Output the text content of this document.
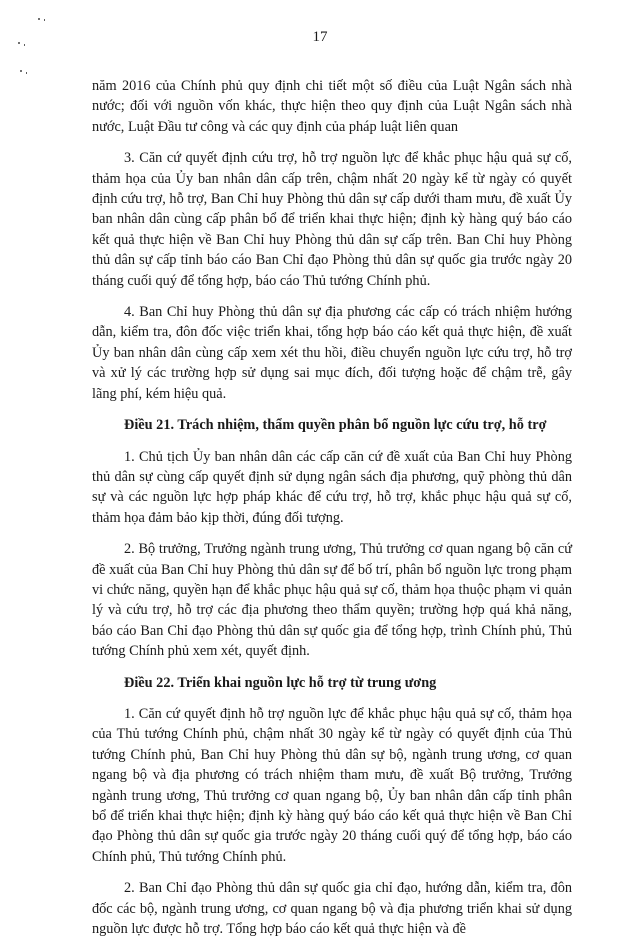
17

năm 2016 của Chính phủ quy định chi tiết một số điều của Luật Ngân sách nhà nước; đối với nguồn vốn khác, thực hiện theo quy định của Luật Ngân sách nhà nước, Luật Đầu tư công và các quy định của pháp luật liên quan

3. Căn cứ quyết định cứu trợ, hỗ trợ nguồn lực để khắc phục hậu quả sự cố, thảm họa của Ủy ban nhân dân cấp trên, chậm nhất 20 ngày kể từ ngày có quyết định cứu trợ, hỗ trợ, Ban Chỉ huy Phòng thủ dân sự cấp dưới tham mưu, đề xuất Ủy ban nhân dân cùng cấp phân bổ để triển khai thực hiện; định kỳ hàng quý báo cáo kết quả thực hiện về Ban Chỉ huy Phòng thủ dân sự cấp trên. Ban Chỉ huy Phòng thủ dân sự cấp tỉnh báo cáo Ban Chỉ đạo Phòng thủ dân sự quốc gia trước ngày 20 tháng cuối quý để tổng hợp, báo cáo Thủ tướng Chính phủ.

4. Ban Chỉ huy Phòng thủ dân sự địa phương các cấp có trách nhiệm hướng dẫn, kiểm tra, đôn đốc việc triển khai, tổng hợp báo cáo kết quả thực hiện, đề xuất Ủy ban nhân dân cùng cấp xem xét thu hồi, điều chuyển nguồn lực cứu trợ, hỗ trợ và xử lý các trường hợp sử dụng sai mục đích, đối tượng hoặc để chậm trễ, gây lãng phí, kém hiệu quả.

Điều 21. Trách nhiệm, thẩm quyền phân bổ nguồn lực cứu trợ, hỗ trợ

1. Chủ tịch Ủy ban nhân dân các cấp căn cứ đề xuất của Ban Chỉ huy Phòng thủ dân sự cùng cấp quyết định sử dụng ngân sách địa phương, quỹ phòng thủ dân sự và các nguồn lực hợp pháp khác để cứu trợ, hỗ trợ, khắc phục hậu quả sự cố, thảm họa đảm bảo kịp thời, đúng đối tượng.

2. Bộ trưởng, Trưởng ngành trung ương, Thủ trưởng cơ quan ngang bộ căn cứ đề xuất của Ban Chỉ huy Phòng thủ dân sự để bố trí, phân bổ nguồn lực trong phạm vi chức năng, quyền hạn để khắc phục hậu quả sự cố, thảm họa thuộc phạm vi quản lý và cứu trợ, hỗ trợ các địa phương theo thẩm quyền; trường hợp quá khả năng, báo cáo Ban Chỉ đạo Phòng thủ dân sự quốc gia để tổng hợp, trình Chính phủ, Thủ tướng Chính phủ xem xét, quyết định.

Điều 22. Triển khai nguồn lực hỗ trợ từ trung ương

1. Căn cứ quyết định hỗ trợ nguồn lực để khắc phục hậu quả sự cố, thảm họa của Thủ tướng Chính phủ, chậm nhất 30 ngày kể từ ngày có quyết định của Thủ tướng Chính phủ, Ban Chỉ huy Phòng thủ dân sự bộ, ngành trung ương, cơ quan ngang bộ và địa phương có trách nhiệm tham mưu, đề xuất Bộ trưởng, Trưởng ngành trung ương, Thủ trưởng cơ quan ngang bộ, Ủy ban nhân dân cấp tỉnh phân bổ để triển khai thực hiện; định kỳ hàng quý báo cáo kết quả thực hiện về Ban Chỉ đạo Phòng thủ dân sự quốc gia trước ngày 20 tháng cuối quý để tổng hợp, báo cáo Chính phủ, Thủ tướng Chính phủ.

2. Ban Chỉ đạo Phòng thủ dân sự quốc gia chỉ đạo, hướng dẫn, kiểm tra, đôn đốc các bộ, ngành trung ương, cơ quan ngang bộ và địa phương triển khai sử dụng nguồn lực được hỗ trợ. Tổng hợp báo cáo kết quả thực hiện và đề
